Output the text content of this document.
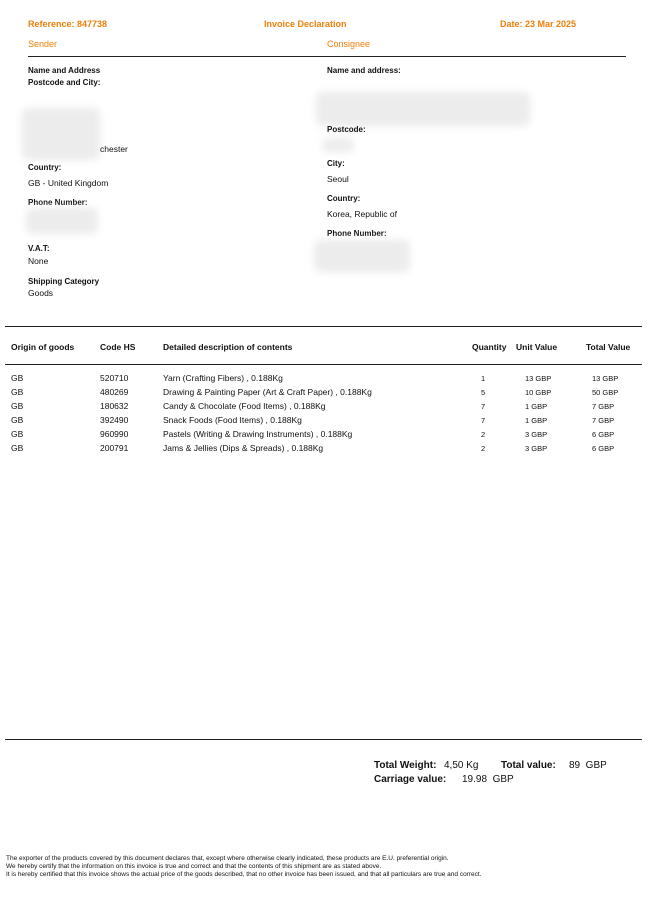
Reference: 847738	Invoice Declaration	Date: 23 Mar 2025
Sender	Consignee
Name and Address
Postcode and City:
chester
Country:
GB - United Kingdom
Phone Number:
V.A.T:
None
Shipping Category
Goods
Name and address:
Postcode:
City:
Seoul
Country:
Korea, Republic of
Phone Number:
Origin of goods	Code HS	Detailed description of contents	Quantity Unit Value	Total Value
GB	520710	Yarn (Crafting Fibers) , 0.188Kg	1	13 GBP	13 GBP
GB	480269	Drawing & Painting Paper (Art & Craft Paper) , 0.188Kg	5	10 GBP	50 GBP
GB	180632	Candy & Chocolate (Food Items) , 0.188Kg	7	1 GBP	7 GBP
GB	392490	Snack Foods (Food Items) , 0.188Kg	7	1 GBP	7 GBP
GB	960990	Pastels (Writing & Drawing Instruments) , 0.188Kg	2	3 GBP	6 GBP
GB	200791	Jams & Jellies (Dips & Spreads) , 0.188Kg	2	3 GBP	6 GBP
Total Weight: 4,50 Kg Total value: 89  GBP
Carriage value: 19.98  GBP
The exporter of the products covered by this document declares that, except where otherwise clearly indicated, these products are E.U. preferential origin.
We hereby certify that the information on this invoice is true and correct and that the contents of this shipment are as stated above.
It is hereby certified that this invoice shows the actual price of the goods described, that no other invoice has been issued, and that all particulars are true and correct.
